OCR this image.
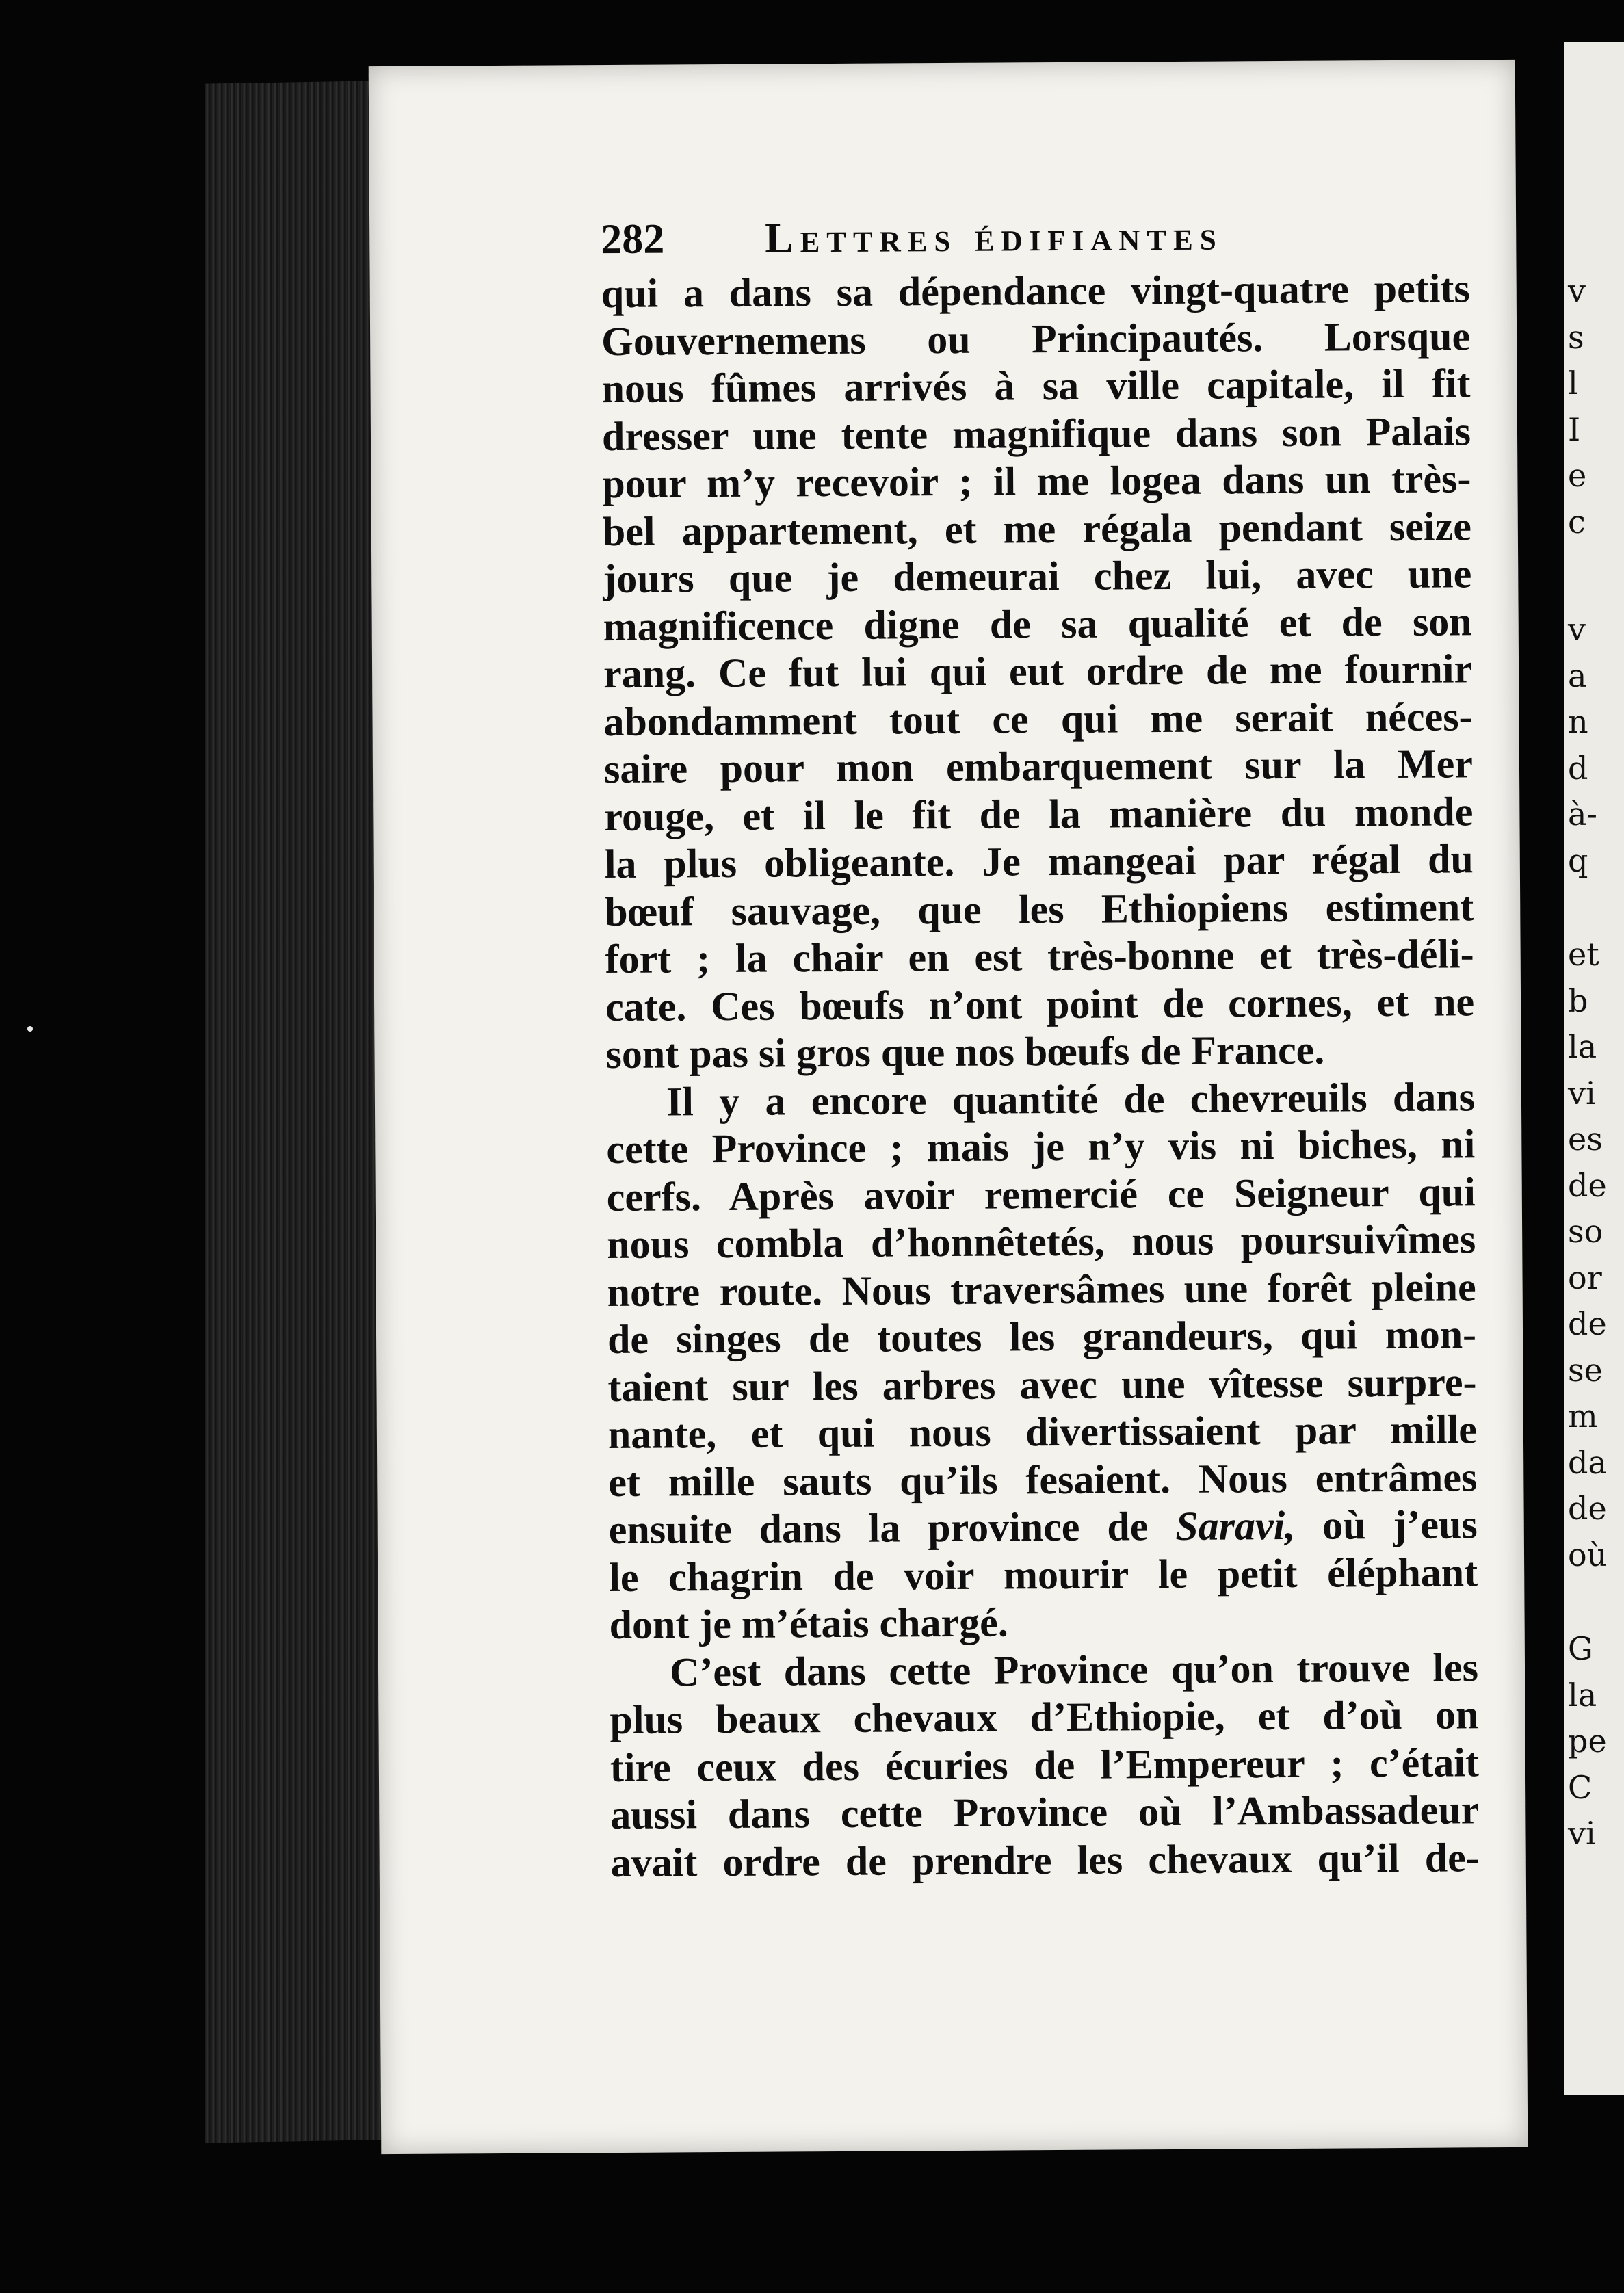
282 Lettres édifiantes
qui a dans sa dépendance vingt-quatre petits
Gouvernemens ou Principautés. Lorsque
nous fûmes arrivés à sa ville capitale, il fit
dresser une tente magnifique dans son Palais
pour m’y recevoir ; il me logea dans un très-
bel appartement, et me régala pendant seize
jours que je demeurai chez lui, avec une
magnificence digne de sa qualité et de son
rang. Ce fut lui qui eut ordre de me fournir
abondamment tout ce qui me serait néces-
saire pour mon embarquement sur la Mer
rouge, et il le fit de la manière du monde
la plus obligeante. Je mangeai par régal du
bœuf sauvage, que les Ethiopiens estiment
fort ; la chair en est très-bonne et très-déli-
cate. Ces bœufs n’ont point de cornes, et ne
sont pas si gros que nos bœufs de France.
Il y a encore quantité de chevreuils dans
cette Province ; mais je n’y vis ni biches, ni
cerfs. Après avoir remercié ce Seigneur qui
nous combla d’honnêtetés, nous poursuivîmes
notre route. Nous traversâmes une forêt pleine
de singes de toutes les grandeurs, qui mon-
taient sur les arbres avec une vîtesse surpre-
nante, et qui nous divertissaient par mille
et mille sauts qu’ils fesaient. Nous entrâmes
ensuite dans la province de Saravi, où j’eus
le chagrin de voir mourir le petit éléphant
dont je m’étais chargé.
C’est dans cette Province qu’on trouve les
plus beaux chevaux d’Ethiopie, et d’où on
tire ceux des écuries de l’Empereur ; c’était
aussi dans cette Province où l’Ambassadeur
avait ordre de prendre les chevaux qu’il de-
v
s
l
I
e
c
v
a
n
d
à-
q
et
b
la
vi
es
de
so
or
de
se
m
da
de
où
G
la
pe
C
vi
